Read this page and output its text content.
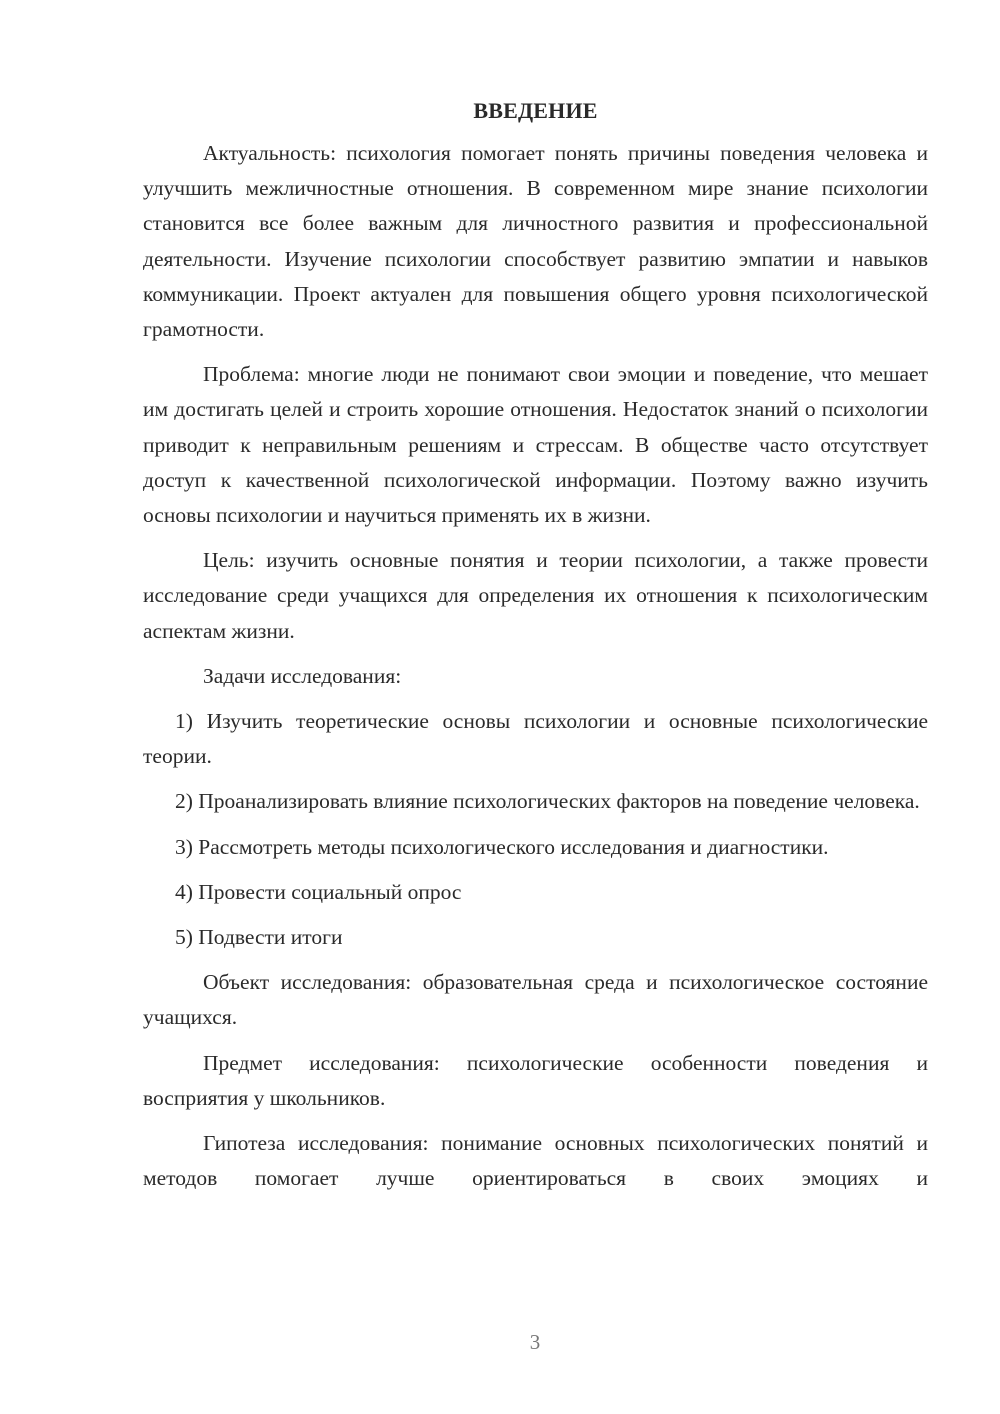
ВВЕДЕНИЕ

Актуальность: психология помогает понять причины поведения человека и улучшить межличностные отношения. В современном мире знание психологии становится все более важным для личностного развития и профессиональной деятельности. Изучение психологии способствует развитию эмпатии и навыков коммуникации. Проект актуален для повышения общего уровня психологической грамотности.

Проблема: многие люди не понимают свои эмоции и поведение, что мешает им достигать целей и строить хорошие отношения. Недостаток знаний о психологии приводит к неправильным решениям и стрессам. В обществе часто отсутствует доступ к качественной психологической информации. Поэтому важно изучить основы психологии и научиться применять их в жизни.

Цель: изучить основные понятия и теории психологии, а также провести исследование среди учащихся для определения их отношения к психологическим аспектам жизни.

Задачи исследования:

1) Изучить теоретические основы психологии и основные психологические теории.

2) Проанализировать влияние психологических факторов на поведение человека.

3) Рассмотреть методы психологического исследования и диагностики.

4) Провести социальный опрос

5) Подвести итоги

Объект исследования: образовательная среда и психологическое состояние учащихся.

Предмет исследования: психологические особенности поведения и восприятия у школьников.

Гипотеза исследования: понимание основных психологических понятий и методов помогает лучше ориентироваться в своих эмоциях и

3
